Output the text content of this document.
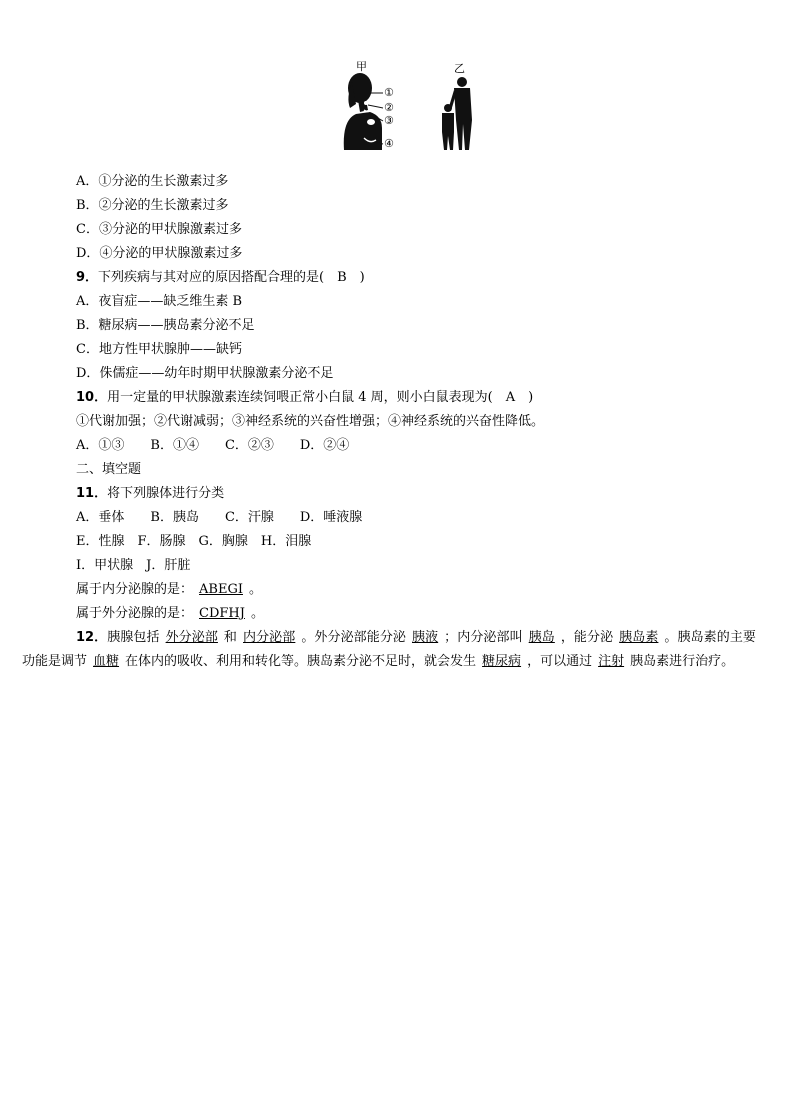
甲	乙
①
②
③
④
A．①分泌的生长激素过多
B．②分泌的生长激素过多
C．③分泌的甲状腺激素过多
D．④分泌的甲状腺激素过多
9．下列疾病与其对应的原因搭配合理的是(　B　)
A．夜盲症——缺乏维生素 B
B．糖尿病——胰岛素分泌不足
C．地方性甲状腺肿——缺钙
D．侏儒症——幼年时期甲状腺激素分泌不足
10．用一定量的甲状腺激素连续饲喂正常小白鼠 4 周，则小白鼠表现为(　A　)
①代谢加强；②代谢减弱；③神经系统的兴奋性增强；④神经系统的兴奋性降低。
A．①③　　B．①④　　C．②③　　D．②④
二、填空题
11．将下列腺体进行分类
A．垂体　　B．胰岛　　C．汗腺　　D．唾液腺
E．性腺　F．肠腺　G．胸腺　H．泪腺
I．甲状腺　J．肝脏
属于内分泌腺的是： ABEGI 。
属于外分泌腺的是： CDFHJ 。
12．胰腺包括 外分泌部 和 内分泌部 。外分泌部能分泌 胰液 ；内分泌部叫 胰岛 ，能分泌 胰岛素 。胰岛素的主要功能是调节 血糖 在体内的吸收、利用和转化等。胰岛素分泌不足时，就会发生 糖尿病 ，可以通过 注射 胰岛素进行治疗。
